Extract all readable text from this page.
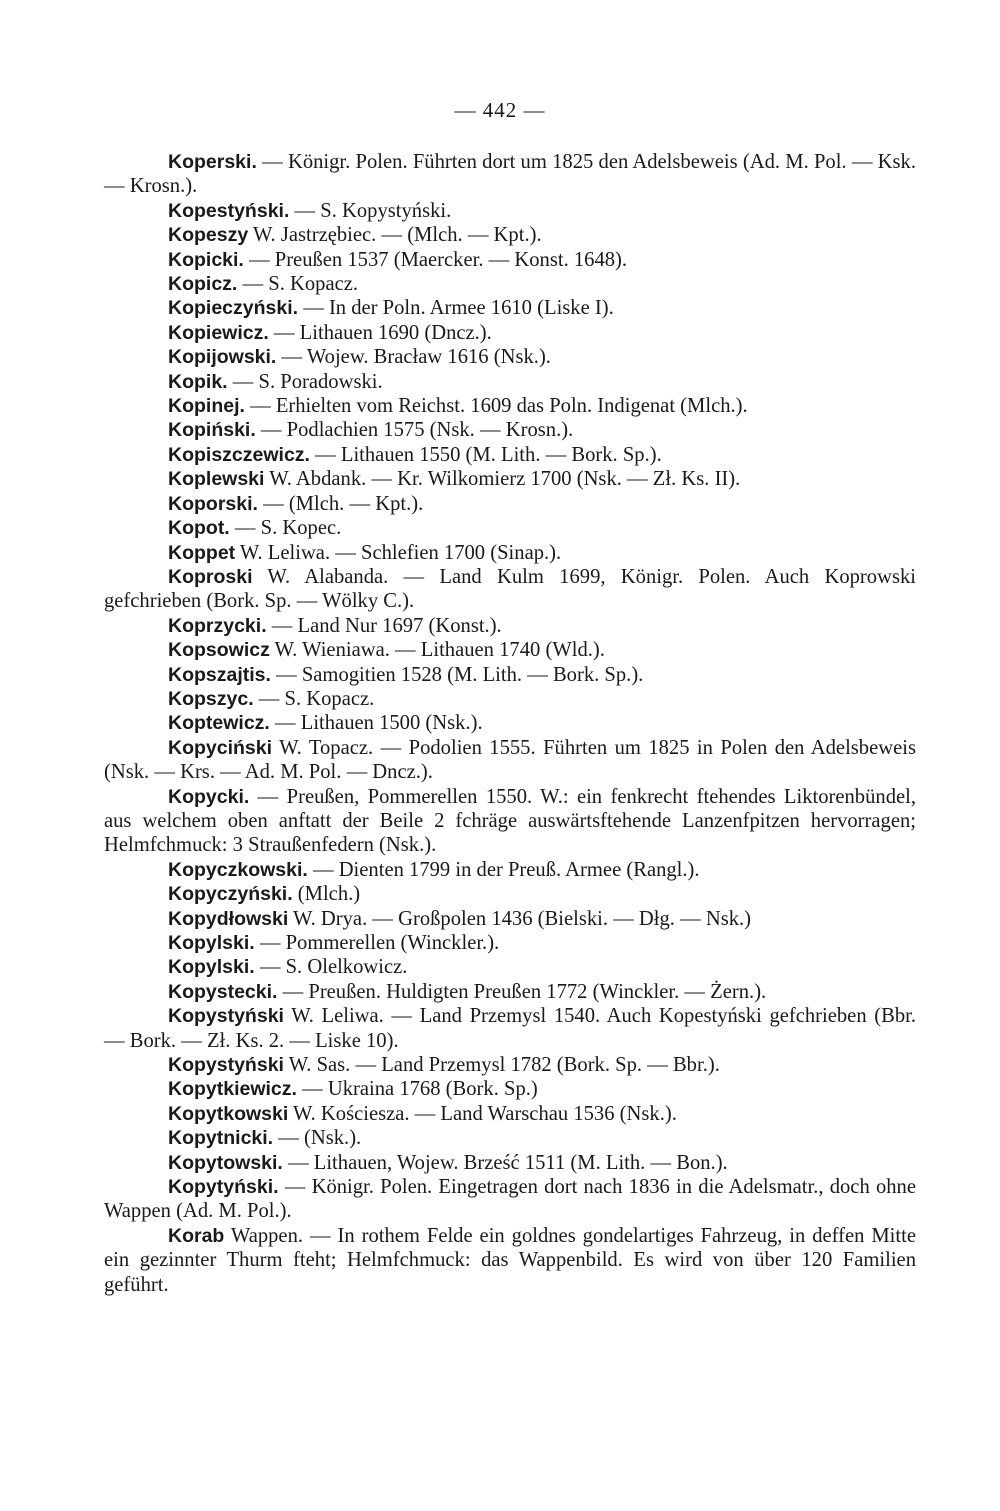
— 442 —

Koperski. — Königr. Polen. Führten dort um 1825 den Adelsbeweis (Ad. M. Pol. — Ksk. — Krosn.).

Kopestyński. — S. Kopystyński.

Kopeszy W. Jastrzębiec. — (Mlch. — Kpt.).

Kopicki. — Preußen 1537 (Maercker. — Konst. 1648).

Kopicz. — S. Kopacz.

Kopieczyński. — In der Poln. Armee 1610 (Liske I).

Kopiewicz. — Lithauen 1690 (Dncz.).

Kopijowski. — Wojew. Bracław 1616 (Nsk.).

Kopik. — S. Poradowski.

Kopinej. — Erhielten vom Reichst. 1609 das Poln. Indigenat (Mlch.).

Kopiński. — Podlachien 1575 (Nsk. — Krosn.).

Kopiszczewicz. — Lithauen 1550 (M. Lith. — Bork. Sp.).

Koplewski W. Abdank. — Kr. Wilkomierz 1700 (Nsk. — Zł. Ks. II).

Koporski. — (Mlch. — Kpt.).

Kopot. — S. Kopec.

Koppet W. Leliwa. — Schlefien 1700 (Sinap.).

Koproski W. Alabanda. — Land Kulm 1699, Königr. Polen. Auch Koprowski gefchrieben (Bork. Sp. — Wölky C.).

Koprzycki. — Land Nur 1697 (Konst.).

Kopsowicz W. Wieniawa. — Lithauen 1740 (Wld.).

Kopszajtis. — Samogitien 1528 (M. Lith. — Bork. Sp.).

Kopszyc. — S. Kopacz.

Koptewicz. — Lithauen 1500 (Nsk.).

Kopyciński W. Topacz. — Podolien 1555. Führten um 1825 in Polen den Adelsbeweis (Nsk. — Krs. — Ad. M. Pol. — Dncz.).

Kopycki. — Preußen, Pommerellen 1550. W.: ein fenkrecht ftehendes Liktorenbündel, aus welchem oben anftatt der Beile 2 fchräge auswärtsftehende Lanzenfpitzen hervorragen; Helmfchmuck: 3 Straußenfedern (Nsk.).

Kopyczkowski. — Dienten 1799 in der Preuß. Armee (Rangl.).

Kopyczyński. (Mlch.)

Kopydłowski W. Drya. — Großpolen 1436 (Bielski. — Dłg. — Nsk.)

Kopylski. — Pommerellen (Winckler.).

Kopylski. — S. Olelkowicz.

Kopystecki. — Preußen. Huldigten Preußen 1772 (Winckler. — Żern.).

Kopystyński W. Leliwa. — Land Przemysl 1540. Auch Kopestyński gefchrieben (Bbr. — Bork. — Zł. Ks. 2. — Liske 10).

Kopystyński W. Sas. — Land Przemysl 1782 (Bork. Sp. — Bbr.).

Kopytkiewicz. — Ukraina 1768 (Bork. Sp.)

Kopytkowski W. Kościesza. — Land Warschau 1536 (Nsk.).

Kopytnicki. — (Nsk.).

Kopytowski. — Lithauen, Wojew. Brześć 1511 (M. Lith. — Bon.).

Kopytyński. — Königr. Polen. Eingetragen dort nach 1836 in die Adelsmatr., doch ohne Wappen (Ad. M. Pol.).

Korab Wappen. — In rothem Felde ein goldnes gondelartiges Fahrzeug, in deffen Mitte ein gezinnter Thurm fteht; Helmfchmuck: das Wappenbild. Es wird von über 120 Familien geführt.
